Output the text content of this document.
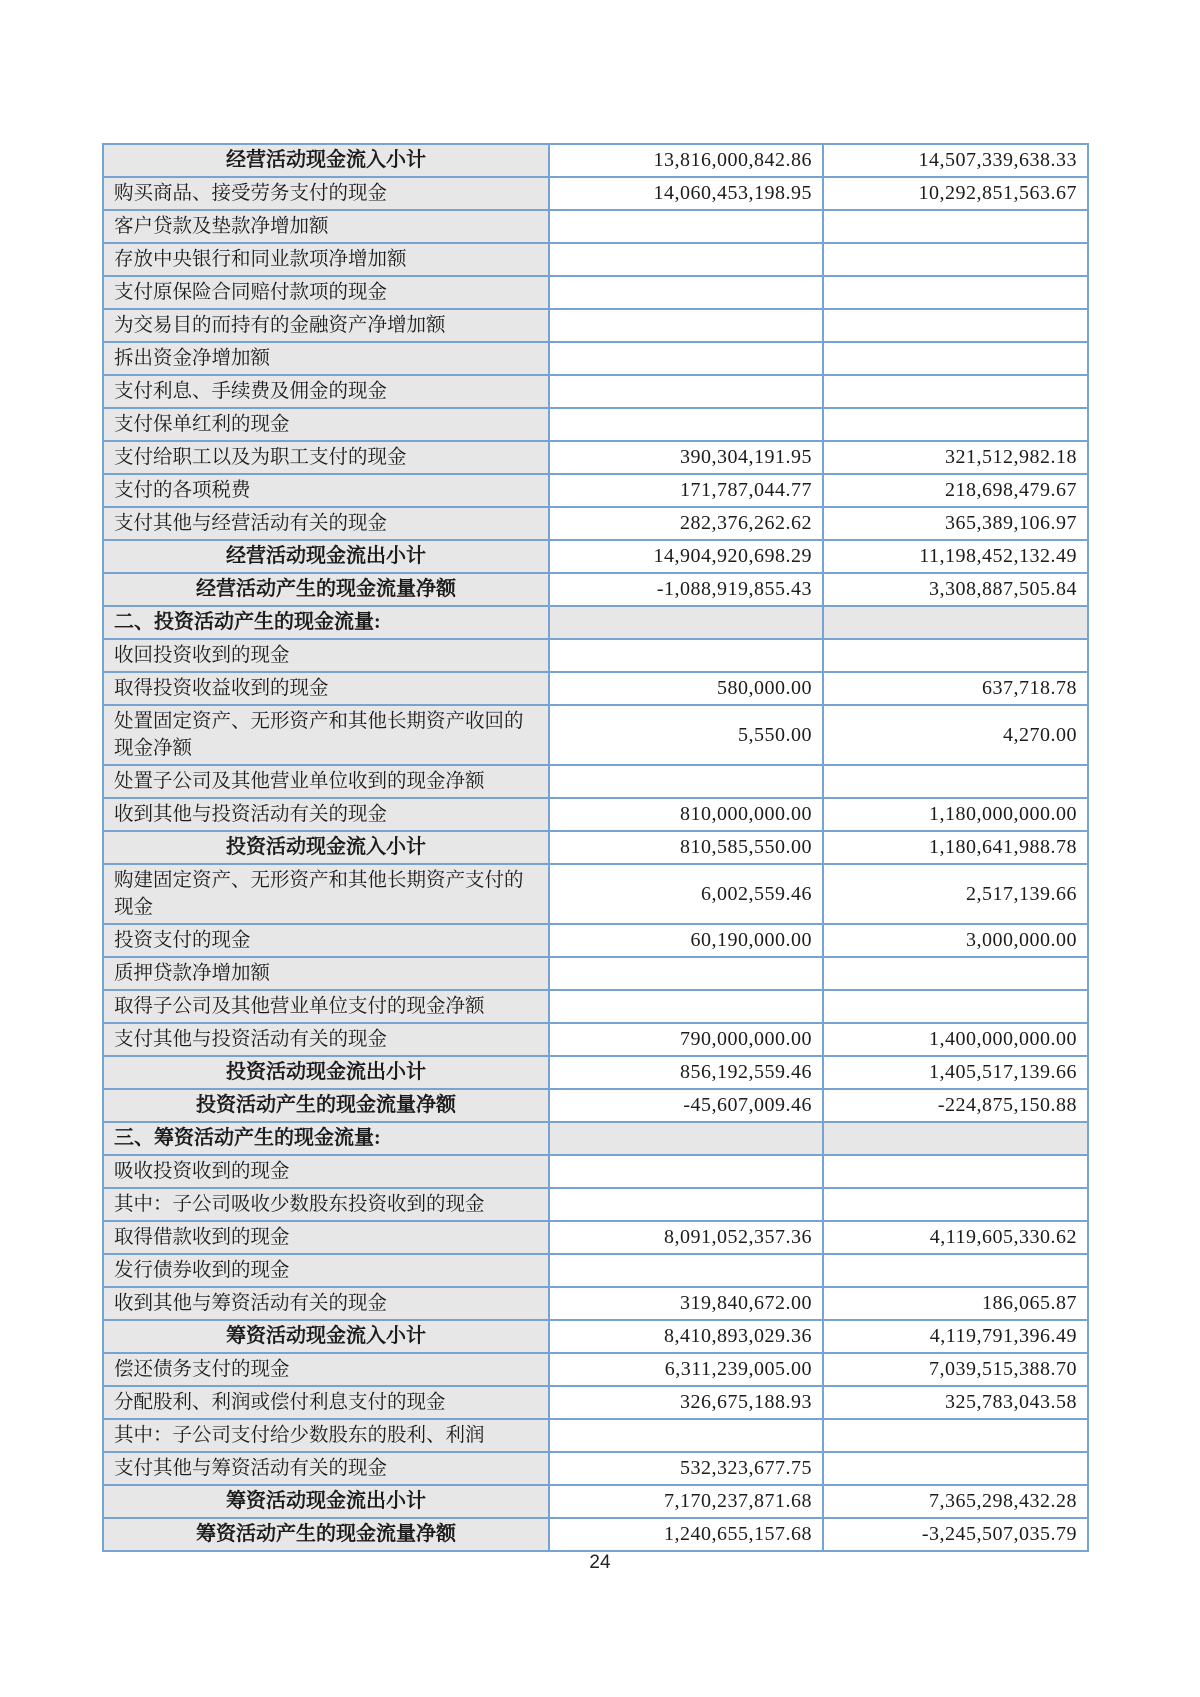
经营活动现金流入小计	13,816,000,842.86	14,507,339,638.33
购买商品、接受劳务支付的现金	14,060,453,198.95	10,292,851,563.67
客户贷款及垫款净增加额		
存放中央银行和同业款项净增加额		
支付原保险合同赔付款项的现金		
为交易目的而持有的金融资产净增加额		
拆出资金净增加额		
支付利息、手续费及佣金的现金		
支付保单红利的现金		
支付给职工以及为职工支付的现金	390,304,191.95	321,512,982.18
支付的各项税费	171,787,044.77	218,698,479.67
支付其他与经营活动有关的现金	282,376,262.62	365,389,106.97
经营活动现金流出小计	14,904,920,698.29	11,198,452,132.49
经营活动产生的现金流量净额	-1,088,919,855.43	3,308,887,505.84
二、投资活动产生的现金流量:		
收回投资收到的现金		
取得投资收益收到的现金	580,000.00	637,718.78
处置固定资产、无形资产和其他长期资产收回的现金净额	5,550.00	4,270.00
处置子公司及其他营业单位收到的现金净额		
收到其他与投资活动有关的现金	810,000,000.00	1,180,000,000.00
投资活动现金流入小计	810,585,550.00	1,180,641,988.78
购建固定资产、无形资产和其他长期资产支付的现金	6,002,559.46	2,517,139.66
投资支付的现金	60,190,000.00	3,000,000.00
质押贷款净增加额		
取得子公司及其他营业单位支付的现金净额		
支付其他与投资活动有关的现金	790,000,000.00	1,400,000,000.00
投资活动现金流出小计	856,192,559.46	1,405,517,139.66
投资活动产生的现金流量净额	-45,607,009.46	-224,875,150.88
三、筹资活动产生的现金流量:		
吸收投资收到的现金		
其中：子公司吸收少数股东投资收到的现金		
取得借款收到的现金	8,091,052,357.36	4,119,605,330.62
发行债券收到的现金		
收到其他与筹资活动有关的现金	319,840,672.00	186,065.87
筹资活动现金流入小计	8,410,893,029.36	4,119,791,396.49
偿还债务支付的现金	6,311,239,005.00	7,039,515,388.70
分配股利、利润或偿付利息支付的现金	326,675,188.93	325,783,043.58
其中：子公司支付给少数股东的股利、利润		
支付其他与筹资活动有关的现金	532,323,677.75	
筹资活动现金流出小计	7,170,237,871.68	7,365,298,432.28
筹资活动产生的现金流量净额	1,240,655,157.68	-3,245,507,035.79
24
